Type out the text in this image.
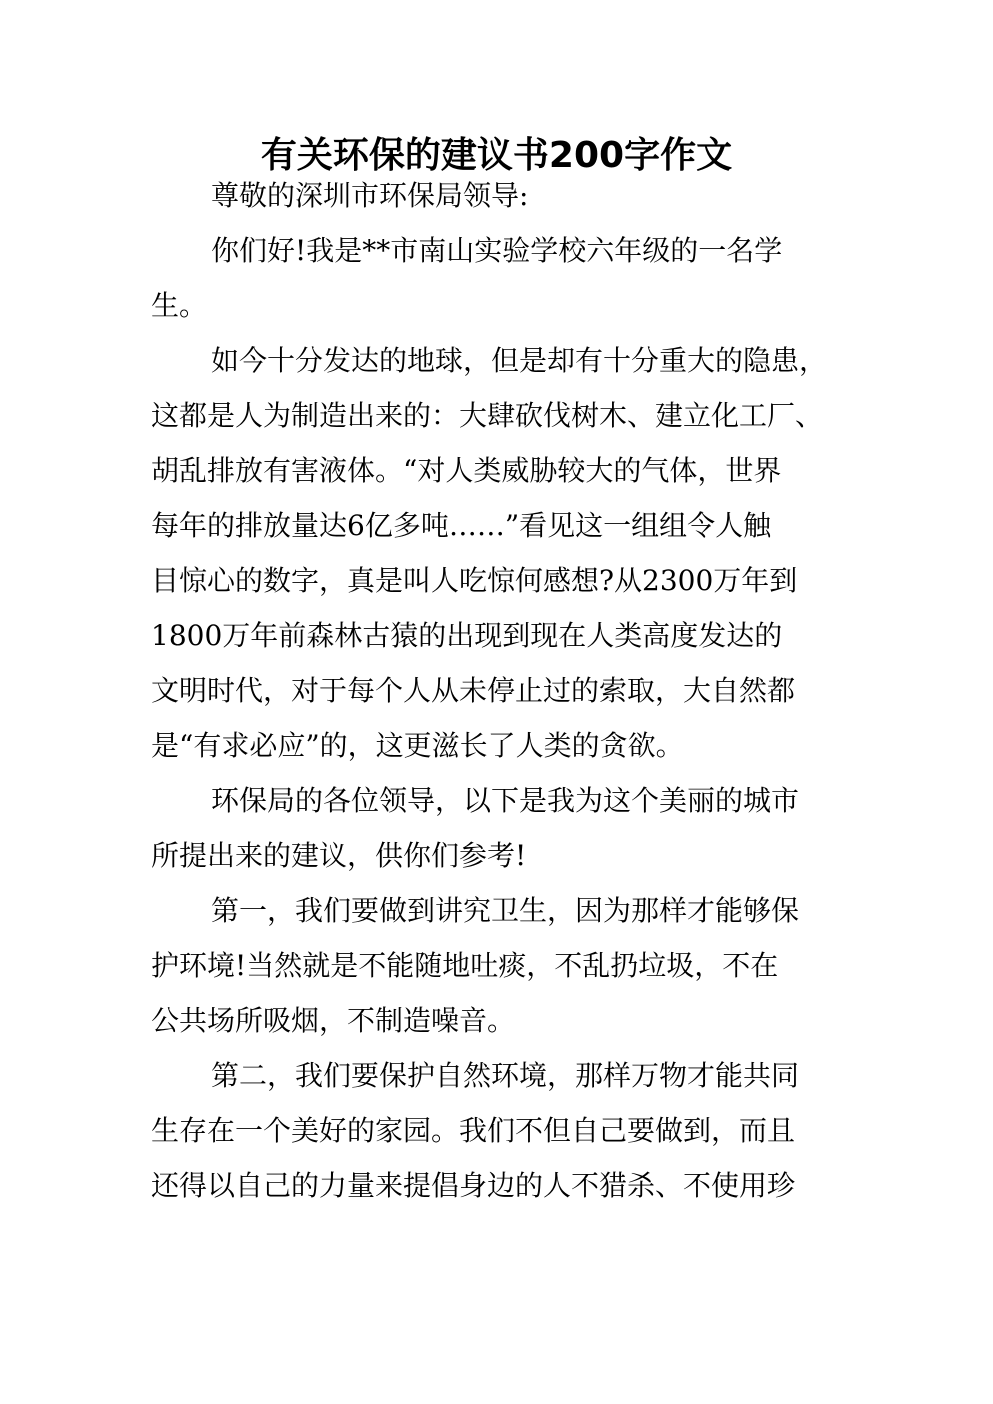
有关环保的建议书200字作文
尊敬的深圳市环保局领导:
你们好!我是**市南山实验学校六年级的一名学
生。
如今十分发达的地球，但是却有十分重大的隐患，
这都是人为制造出来的：大肆砍伐树木、建立化工厂、
胡乱排放有害液体。“对人类威胁较大的气体，世界
每年的排放量达6亿多吨……”看见这一组组令人触
目惊心的数字，真是叫人吃惊何感想?从2300万年到
1800万年前森林古猿的出现到现在人类高度发达的
文明时代，对于每个人从未停止过的索取，大自然都
是“有求必应”的，这更滋长了人类的贪欲。
环保局的各位领导，以下是我为这个美丽的城市
所提出来的建议，供你们参考!
第一，我们要做到讲究卫生，因为那样才能够保
护环境!当然就是不能随地吐痰，不乱扔垃圾，不在
公共场所吸烟，不制造噪音。
第二，我们要保护自然环境，那样万物才能共同
生存在一个美好的家园。我们不但自己要做到，而且
还得以自己的力量来提倡身边的人不猎杀、不使用珍
